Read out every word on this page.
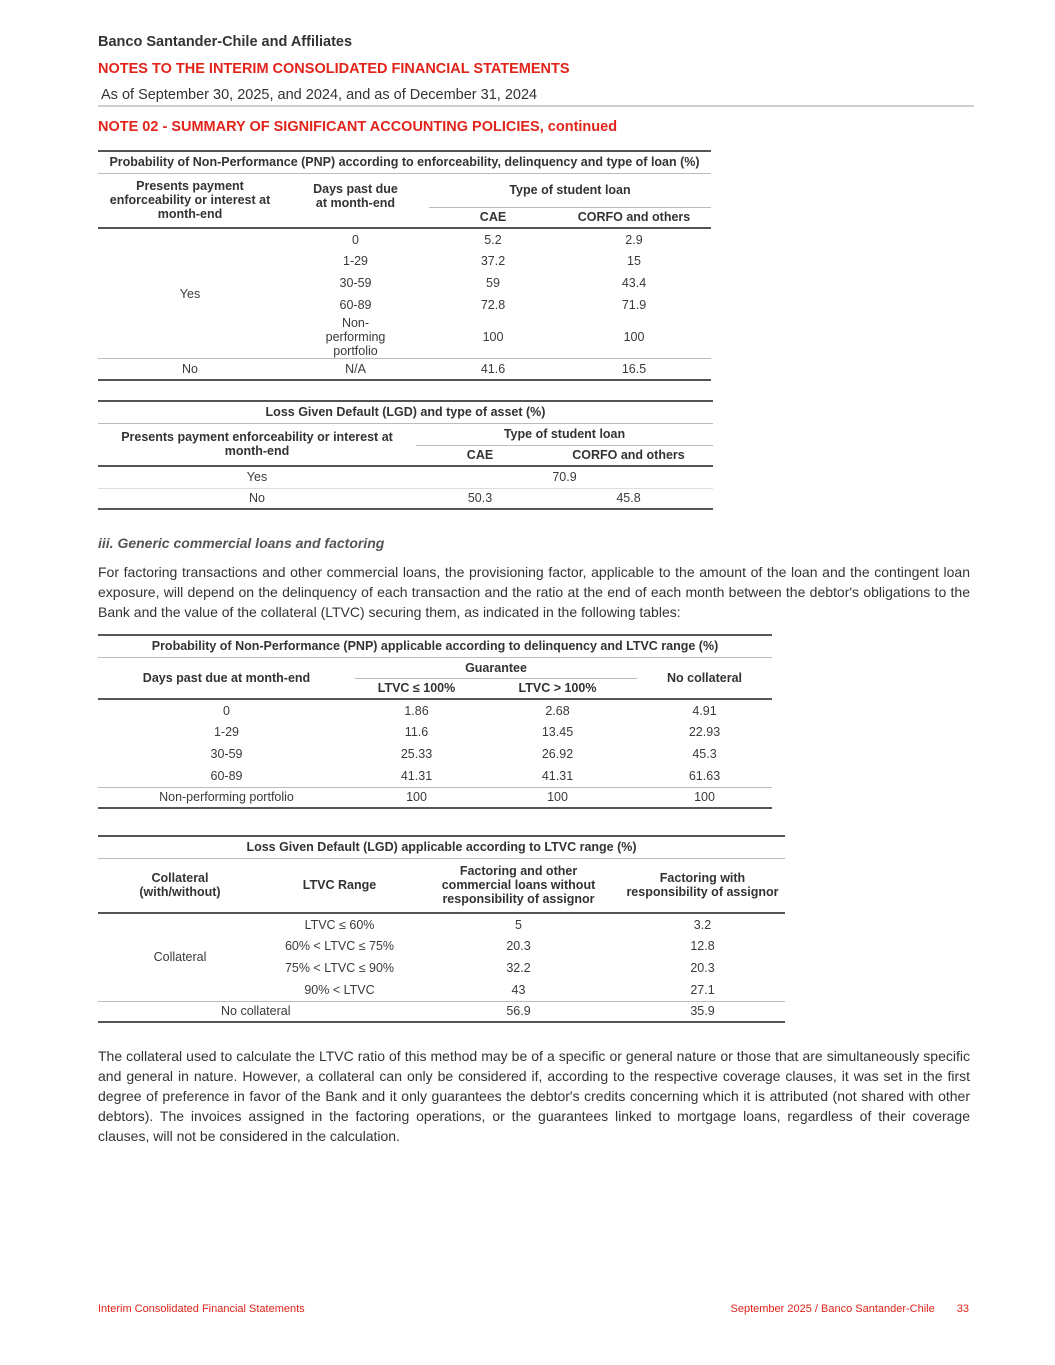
Banco Santander-Chile and Affiliates
NOTES TO THE INTERIM CONSOLIDATED FINANCIAL STATEMENTS
As of September 30, 2025, and 2024, and as of December 31, 2024
NOTE 02 - SUMMARY OF SIGNIFICANT ACCOUNTING POLICIES, continued
Probability of Non-Performance (PNP) according to enforceability, delinquency and type of loan (%)			
Presents payment enforceability or interest at month-end	Days past due at month-end	Type of student loan	
		CAE	CORFO and others
Yes	0	5.2	2.9
	1-29	37.2	15
	30-59	59	43.4
	60-89	72.8	71.9
	Non-performing portfolio	100	100
No	N/A	41.6	16.5
Loss Given Default (LGD) and type of asset (%)		
Presents payment enforceability or interest at month-end	Type of student loan	
	CAE	CORFO and others
Yes	70.9	
No	50.3	45.8
iii. Generic commercial loans and factoring
For factoring transactions and other commercial loans, the provisioning factor, applicable to the amount of the loan and the contingent loan exposure, will depend on the delinquency of each transaction and the ratio at the end of each month between the debtor's obligations to the Bank and the value of the collateral (LTVC) securing them, as indicated in the following tables:
Probability of Non-Performance (PNP) applicable according to delinquency and LTVC range (%)			
Days past due at month-end	Guarantee		No collateral
	LTVC ≤ 100%	LTVC > 100%	
0	1.86	2.68	4.91
1-29	11.6	13.45	22.93
30-59	25.33	26.92	45.3
60-89	41.31	41.31	61.63
Non-performing portfolio	100	100	100
Loss Given Default (LGD) applicable according to LTVC range (%)			
Collateral (with/without)	LTVC Range	Factoring and other commercial loans without responsibility of assignor	Factoring with responsibility of assignor
Collateral	LTVC ≤ 60%	5	3.2
	60% < LTVC ≤ 75%	20.3	12.8
	75% < LTVC ≤ 90%	32.2	20.3
	90% < LTVC	43	27.1
No collateral		56.9	35.9
The collateral used to calculate the LTVC ratio of this method may be of a specific or general nature or those that are simultaneously specific and general in nature. However, a collateral can only be considered if, according to the respective coverage clauses, it was set in the first degree of preference in favor of the Bank and it only guarantees the debtor's credits concerning which it is attributed (not shared with other debtors). The invoices assigned in the factoring operations, or the guarantees linked to mortgage loans, regardless of their coverage clauses, will not be considered in the calculation.
Interim Consolidated Financial Statements	September 2025 / Banco Santander-Chile 33
